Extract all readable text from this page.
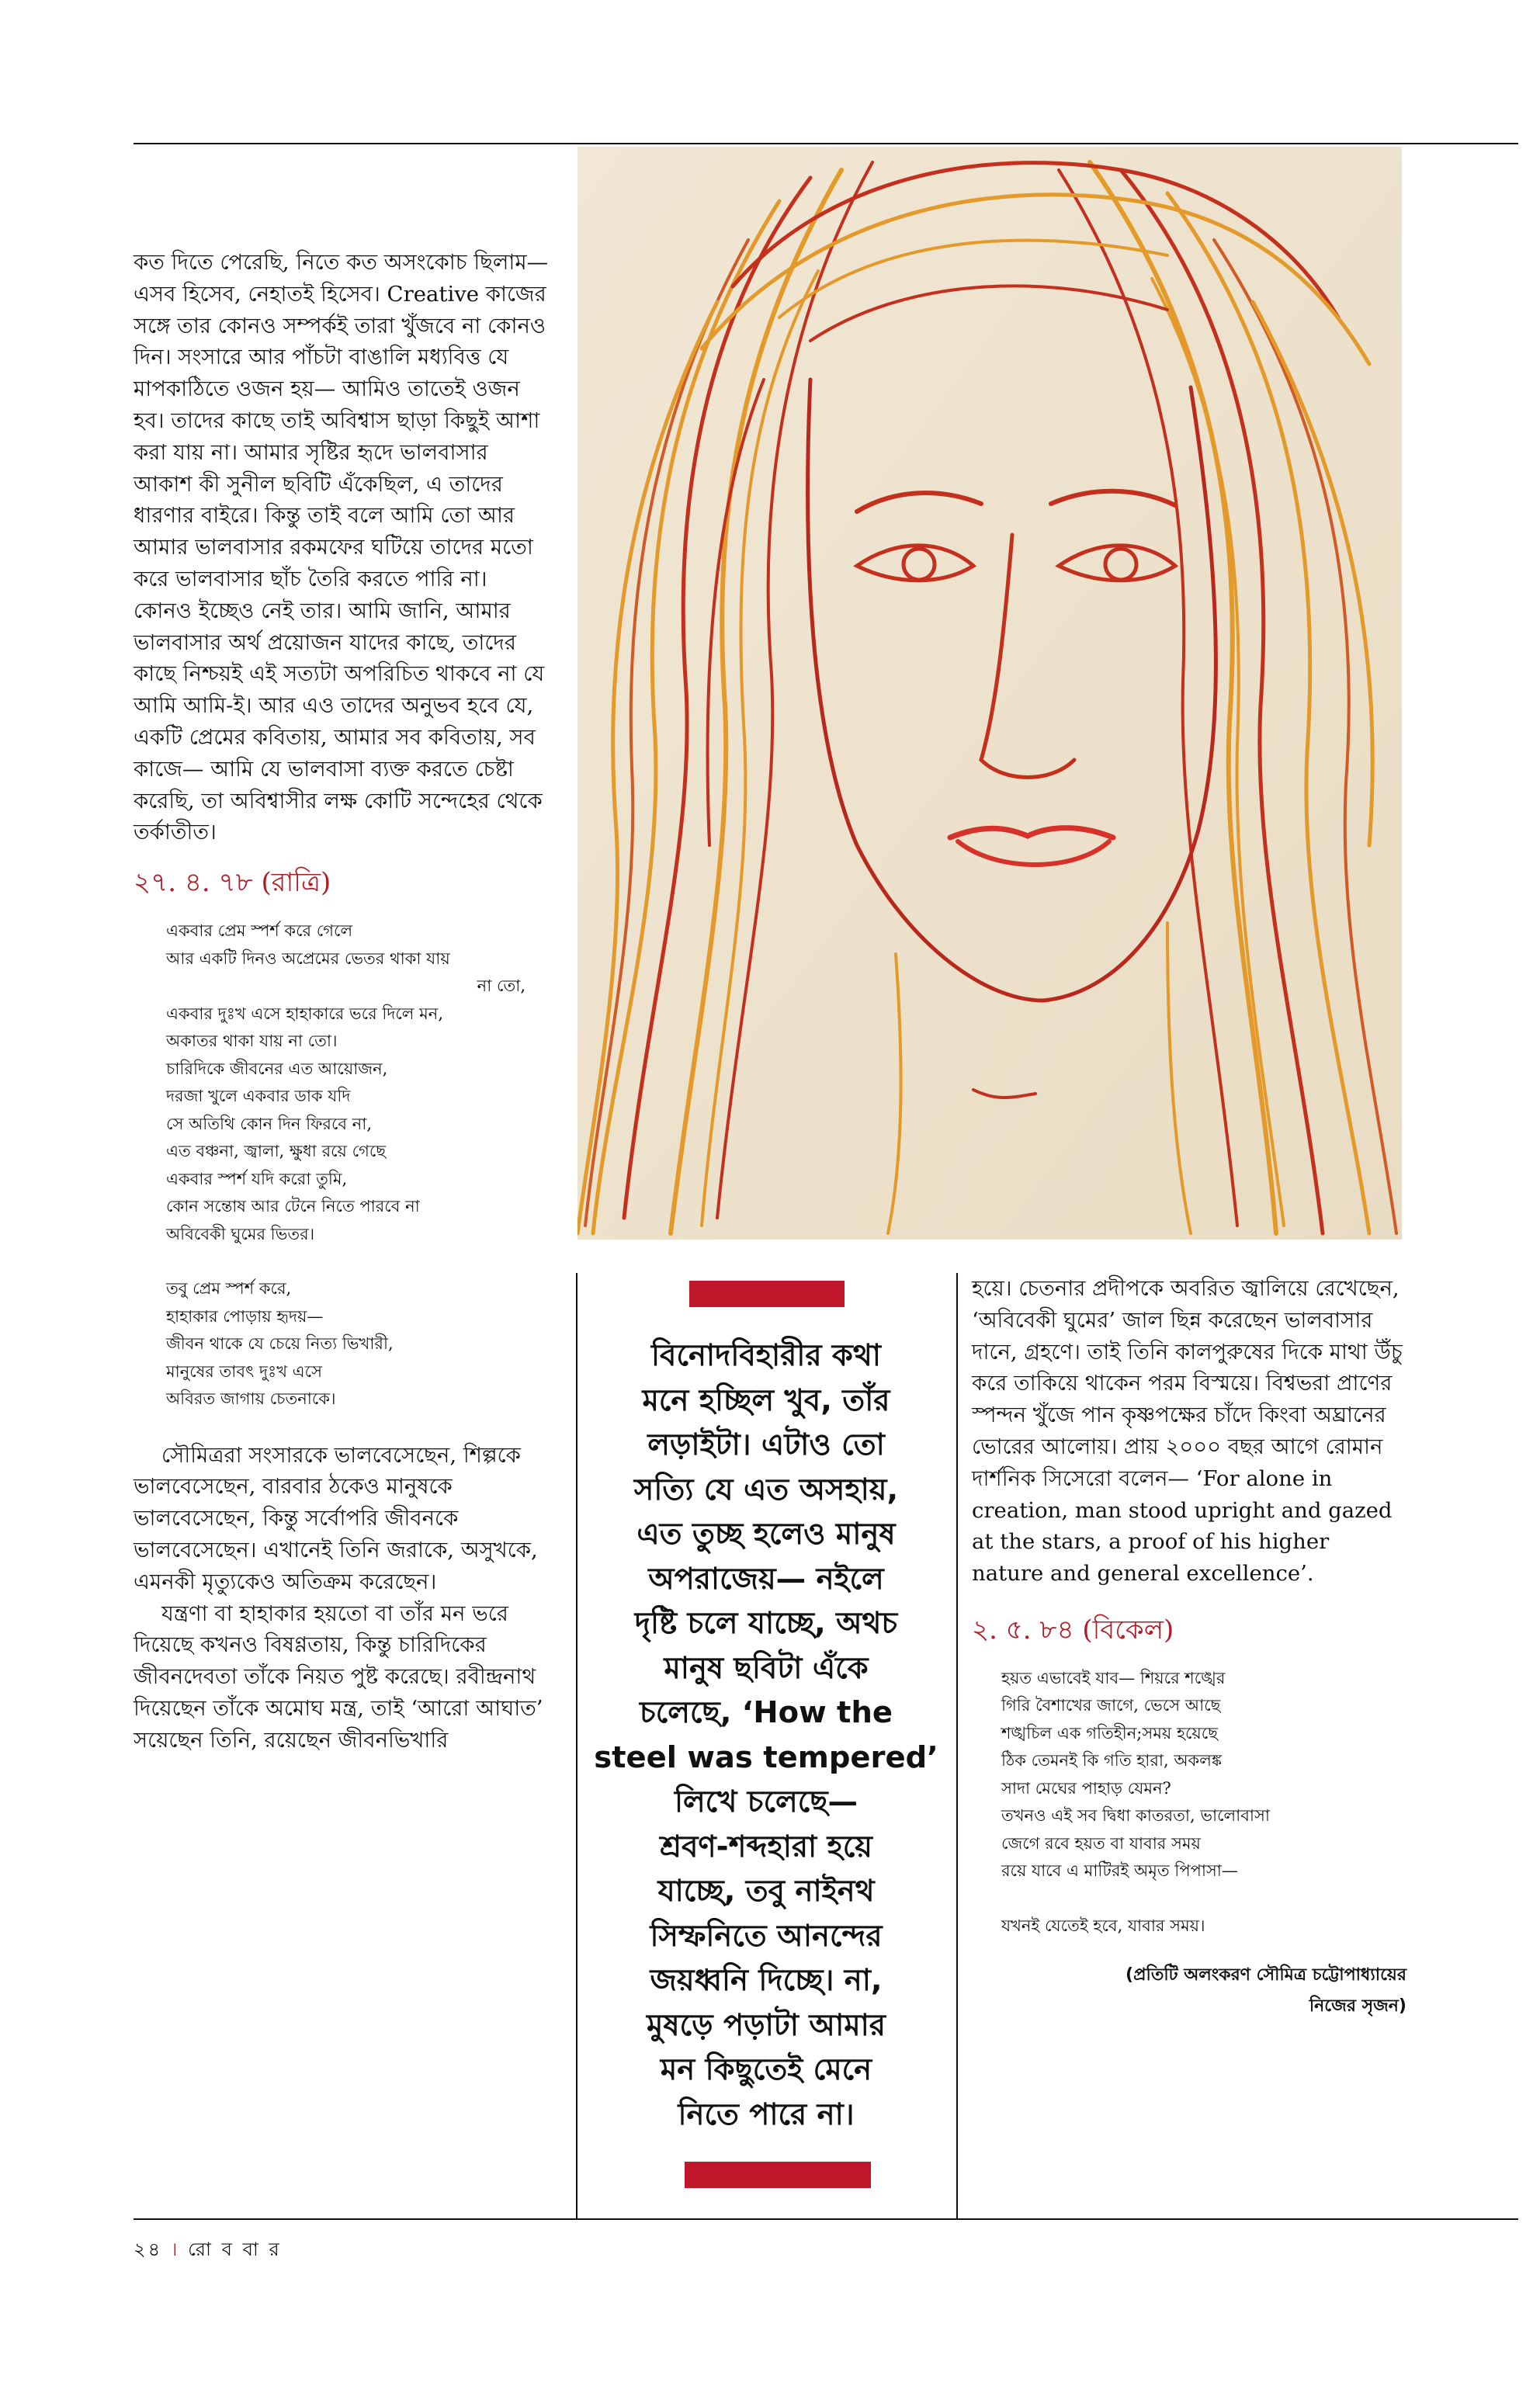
কত দিতে পেরেছি, নিতে কত অসংকোচ ছিলাম— এসব হিসেব, নেহাতই হিসেব। Creative কাজের সঙ্গে তার কোনও সম্পর্কই তারা খুঁজবে না কোনও দিন। সংসারে আর পাঁচটা বাঙালি মধ্যবিত্ত যে মাপকাঠিতে ওজন হয়— আমিও তাতেই ওজন হব। তাদের কাছে তাই অবিশ্বাস ছাড়া কিছুই আশা করা যায় না। আমার সৃষ্টির হৃদে ভালবাসার আকাশ কী সুনীল ছবিটি এঁকেছিল, এ তাদের ধারণার বাইরে। কিন্তু তাই বলে আমি তো আর আমার ভালবাসার রকমফের ঘটিয়ে তাদের মতো করে ভালবাসার ছাঁচ তৈরি করতে পারি না। কোনও ইচ্ছেও নেই তার। আমি জানি, আমার ভালবাসার অর্থ প্রয়োজন যাদের কাছে, তাদের কাছে নিশ্চয়ই এই সত্যটা অপরিচিত থাকবে না যে আমি আমি-ই। আর এও তাদের অনুভব হবে যে, একটি প্রেমের কবিতায়, আমার সব কবিতায়, সব কাজে— আমি যে ভালবাসা ব্যক্ত করতে চেষ্টা করেছি, তা অবিশ্বাসীর লক্ষ কোটি সন্দেহের থেকে তর্কাতীত।
২৭. ৪. ৭৮ (রাত্রি)
একবার প্রেম স্পর্শ করে গেলে
আর একটি দিনও অপ্রেমের ভেতর থাকা যায়
না তো,
একবার দুঃখ এসে হাহাকারে ভরে দিলে মন,
অকাতর থাকা যায় না তো।
চারিদিকে জীবনের এত আয়োজন,
দরজা খুলে একবার ডাক যদি
সে অতিথি কোন দিন ফিরবে না,
এত বঞ্চনা, জ্বালা, ক্ষুধা রয়ে গেছে
একবার স্পর্শ যদি করো তুমি,
কোন সন্তোষ আর টেনে নিতে পারবে না
অবিবেকী ঘুমের ভিতর।
তবু প্রেম স্পর্শ করে,
হাহাকার পোড়ায় হৃদয়—
জীবন থাকে যে চেয়ে নিত্য ভিখারী,
মানুষের তাবৎ দুঃখ এসে
অবিরত জাগায় চেতনাকে।
সৌমিত্ররা সংসারকে ভালবেসেছেন, শিল্পকে ভালবেসেছেন, বারবার ঠকেও মানুষকে ভালবেসেছেন, কিন্তু সর্বোপরি জীবনকে ভালবেসেছেন। এখানেই তিনি জরাকে, অসুখকে, এমনকী মৃত্যুকেও অতিক্রম করেছেন।
যন্ত্রণা বা হাহাকার হয়তো বা তাঁর মন ভরে দিয়েছে কখনও বিষণ্ণতায়, কিন্তু চারিদিকের জীবনদেবতা তাঁকে নিয়ত পুষ্ট করেছে। রবীন্দ্রনাথ দিয়েছেন তাঁকে অমোঘ মন্ত্র, তাই ‘আরো আঘাত’ সয়েছেন তিনি, রয়েছেন জীবনভিখারি
বিনোদবিহারীর কথা
মনে হচ্ছিল খুব, তাঁর
লড়াইটা। এটাও তো
সত্যি যে এত অসহায়,
এত তুচ্ছ হলেও মানুষ
অপরাজেয়— নইলে
দৃষ্টি চলে যাচ্ছে, অথচ
মানুষ ছবিটা এঁকে
চলেছে, ‘How the
steel was tempered’
লিখে চলেছে—
শ্রবণ-শব্দহারা হয়ে
যাচ্ছে, তবু নাইনথ
সিম্ফনিতে আনন্দের
জয়ধ্বনি দিচ্ছে। না,
মুষড়ে পড়াটা আমার
মন কিছুতেই মেনে
নিতে পারে না।
হয়ে। চেতনার প্রদীপকে অবরিত জ্বালিয়ে রেখেছেন, ‘অবিবেকী ঘুমের’ জাল ছিন্ন করেছেন ভালবাসার দানে, গ্রহণে। তাই তিনি কালপুরুষের দিকে মাথা উঁচু করে তাকিয়ে থাকেন পরম বিস্ময়ে। বিশ্বভরা প্রাণের স্পন্দন খুঁজে পান কৃষ্ণপক্ষের চাঁদে কিংবা অঘ্রানের ভোরের আলোয়। প্রায় ২০০০ বছর আগে রোমান দার্শনিক সিসেরো বলেন— ‘For alone in creation, man stood upright and gazed at the stars, a proof of his higher nature and general excellence’.
২. ৫. ৮৪ (বিকেল)
হয়ত এভাবেই যাব— শিয়রে শঙ্খের
গিরি বৈশাখের জাগে, ভেসে আছে
শঙ্খচিল এক গতিহীন;সময় হয়েছে
ঠিক তেমনই কি গতি হারা, অকলঙ্ক
সাদা মেঘের পাহাড় যেমন?
তখনও এই সব দ্বিধা কাতরতা, ভালোবাসা
জেগে রবে হয়ত বা যাবার সময়
রয়ে যাবে এ মাটিরই অমৃত পিপাসা—
যখনই যেতেই হবে, যাবার সময়।
(প্রতিটি অলংকরণ সৌমিত্র চট্টোপাধ্যায়ের
নিজের সৃজন)
২৪ । রো ব বা র
